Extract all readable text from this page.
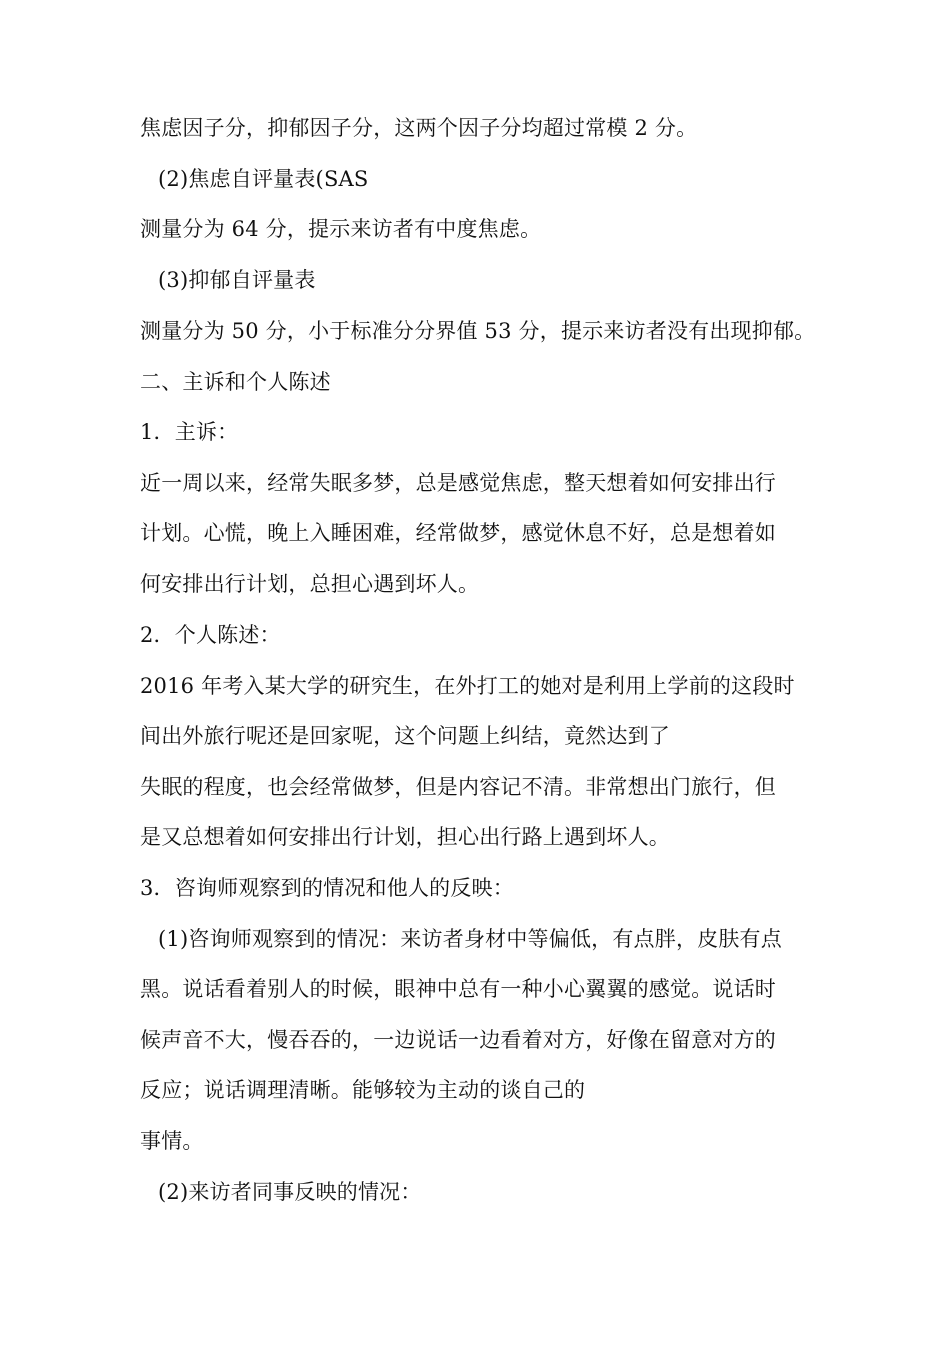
焦虑因子分，抑郁因子分，这两个因子分均超过常模 2 分。
(2)焦虑自评量表(SAS
测量分为 64 分，提示来访者有中度焦虑。
(3)抑郁自评量表
测量分为 50 分，小于标准分分界值 53 分，提示来访者没有出现抑郁。
二、主诉和个人陈述
1．主诉：
近一周以来，经常失眠多梦，总是感觉焦虑，整天想着如何安排出行
计划。心慌，晚上入睡困难，经常做梦，感觉休息不好，总是想着如
何安排出行计划，总担心遇到坏人。
2．个人陈述：
2016 年考入某大学的研究生，在外打工的她对是利用上学前的这段时
间出外旅行呢还是回家呢，这个问题上纠结，竟然达到了
失眠的程度，也会经常做梦，但是内容记不清。非常想出门旅行，但
是又总想着如何安排出行计划，担心出行路上遇到坏人。
3．咨询师观察到的情况和他人的反映：
(1)咨询师观察到的情况：来访者身材中等偏低，有点胖，皮肤有点
黑。说话看着别人的时候，眼神中总有一种小心翼翼的感觉。说话时
候声音不大，慢吞吞的，一边说话一边看着对方，好像在留意对方的
反应；说话调理清晰。能够较为主动的谈自己的
事情。
(2)来访者同事反映的情况：
